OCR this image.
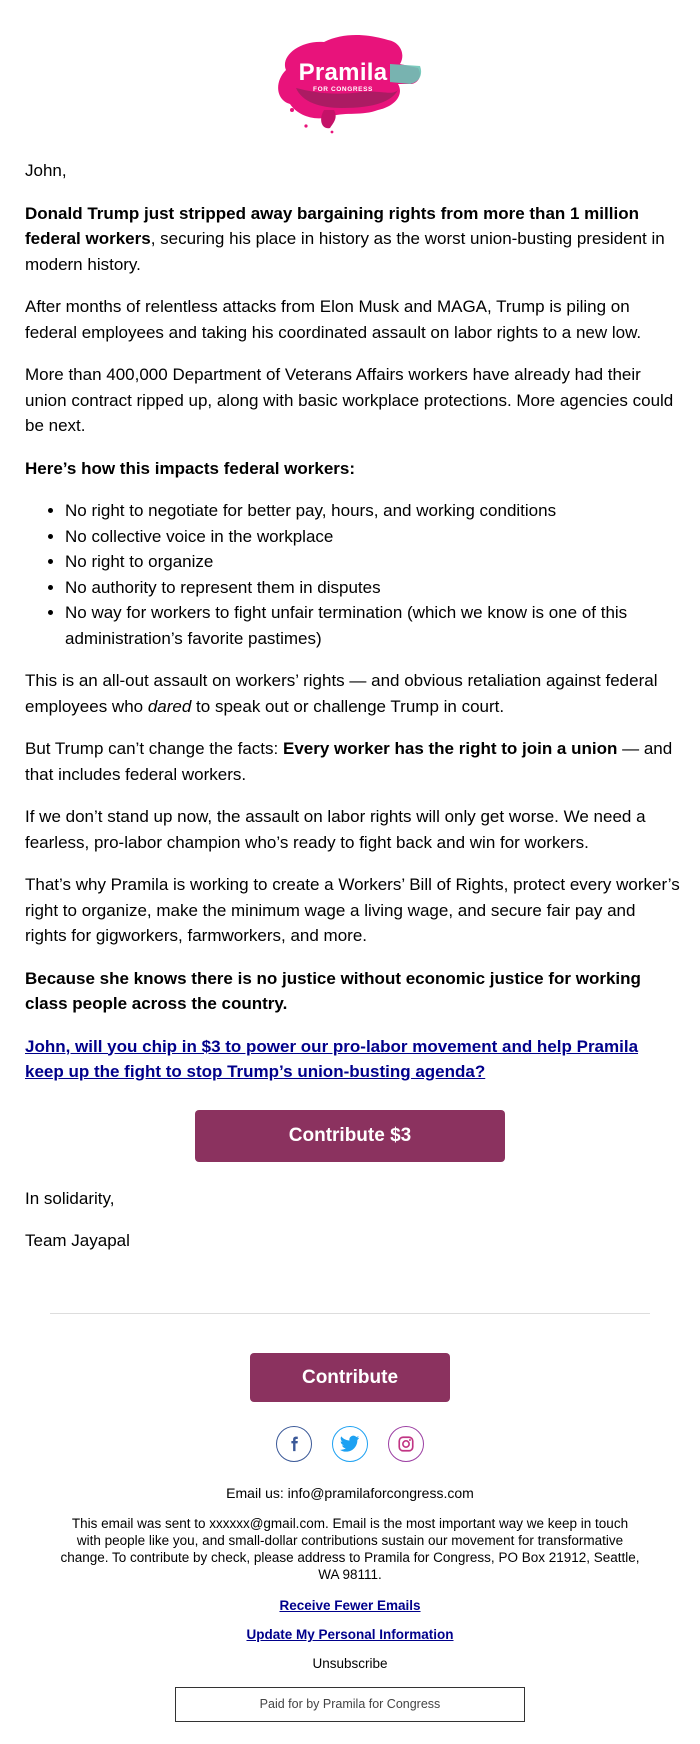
Pramila
FOR CONGRESS

John,

Donald Trump just stripped away bargaining rights from more than 1 million federal workers, securing his place in history as the worst union-busting president in modern history.

After months of relentless attacks from Elon Musk and MAGA, Trump is piling on federal employees and taking his coordinated assault on labor rights to a new low.

More than 400,000 Department of Veterans Affairs workers have already had their union contract ripped up, along with basic workplace protections. More agencies could be next.

Here’s how this impacts federal workers:

• No right to negotiate for better pay, hours, and working conditions
• No collective voice in the workplace
• No right to organize
• No authority to represent them in disputes
• No way for workers to fight unfair termination (which we know is one of this administration’s favorite pastimes)

This is an all-out assault on workers’ rights — and obvious retaliation against federal employees who dared to speak out or challenge Trump in court.

But Trump can’t change the facts: Every worker has the right to join a union — and that includes federal workers.

If we don’t stand up now, the assault on labor rights will only get worse. We need a fearless, pro-labor champion who’s ready to fight back and win for workers.

That’s why Pramila is working to create a Workers’ Bill of Rights, protect every worker’s right to organize, make the minimum wage a living wage, and secure fair pay and rights for gigworkers, farmworkers, and more.

Because she knows there is no justice without economic justice for working class people across the country.

John, will you chip in $3 to power our pro-labor movement and help Pramila keep up the fight to stop Trump’s union-busting agenda?

Contribute $3

In solidarity,

Team Jayapal

Contribute

Email us: info@pramilaforcongress.com
This email was sent to xxxxxx@gmail.com. Email is the most important way we keep in touch with people like you, and small-dollar contributions sustain our movement for transformative change. To contribute by check, please address to Pramila for Congress, PO Box 21912, Seattle, WA 98111.
Receive Fewer Emails
Update My Personal Information
Unsubscribe
Paid for by Pramila for Congress
